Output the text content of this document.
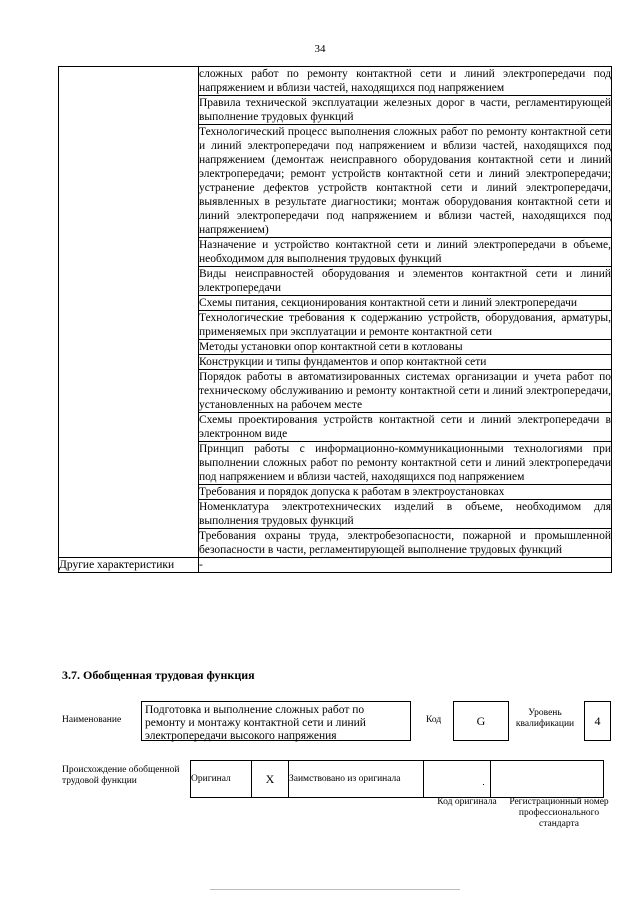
34
	сложных работ по ремонту контактной сети и линий электропередачи под напряжением и вблизи частей, находящихся под напряжением
	Правила технической эксплуатации железных дорог в части, регламентирующей выполнение трудовых функций
	Технологический процесс выполнения сложных работ по ремонту контактной сети и линий электропередачи под напряжением и вблизи частей, находящихся под напряжением (демонтаж неисправного оборудования контактной сети и линий электропередачи; ремонт устройств контактной сети и линий электропередачи; устранение дефектов устройств контактной сети и линий электропередачи, выявленных в результате диагностики; монтаж оборудования контактной сети и линий электропередачи под напряжением и вблизи частей, находящихся под напряжением)
	Назначение и устройство контактной сети и линий электропередачи в объеме, необходимом для выполнения трудовых функций
	Виды неисправностей оборудования и элементов контактной сети и линий электропередачи
	Схемы питания, секционирования контактной сети и линий электропередачи
	Технологические требования к содержанию устройств, оборудования, арматуры, применяемых при эксплуатации и ремонте контактной сети
	Методы установки опор контактной сети в котлованы
	Конструкции и типы фундаментов и опор контактной сети
	Порядок работы в автоматизированных системах организации и учета работ по техническому обслуживанию и ремонту контактной сети и линий электропередачи, установленных на рабочем месте
	Схемы проектирования устройств контактной сети и линий электропередачи в электронном виде
	Принцип работы с информационно-коммуникационными технологиями при выполнении сложных работ по ремонту контактной сети и линий электропередачи под напряжением и вблизи частей, находящихся под напряжением
	Требования и порядок допуска к работам в электроустановках
	Номенклатура электротехнических изделий в объеме, необходимом для выполнения трудовых функций
	Требования охраны труда, электробезопасности, пожарной и промышленной безопасности в части, регламентирующей выполнение трудовых функций
Другие характеристики	-
3.7. Обобщенная трудовая функция
Наименование
Подготовка и выполнение сложных работ по ремонту и монтажу контактной сети и линий электропередачи высокого напряжения
Код	G
Уровень квалификации	4
Происхождение обобщенной трудовой функции	Оригинал	X	Заимствовано из оригинала		
Код оригинала	Регистрационный номер профессионального стандарта
